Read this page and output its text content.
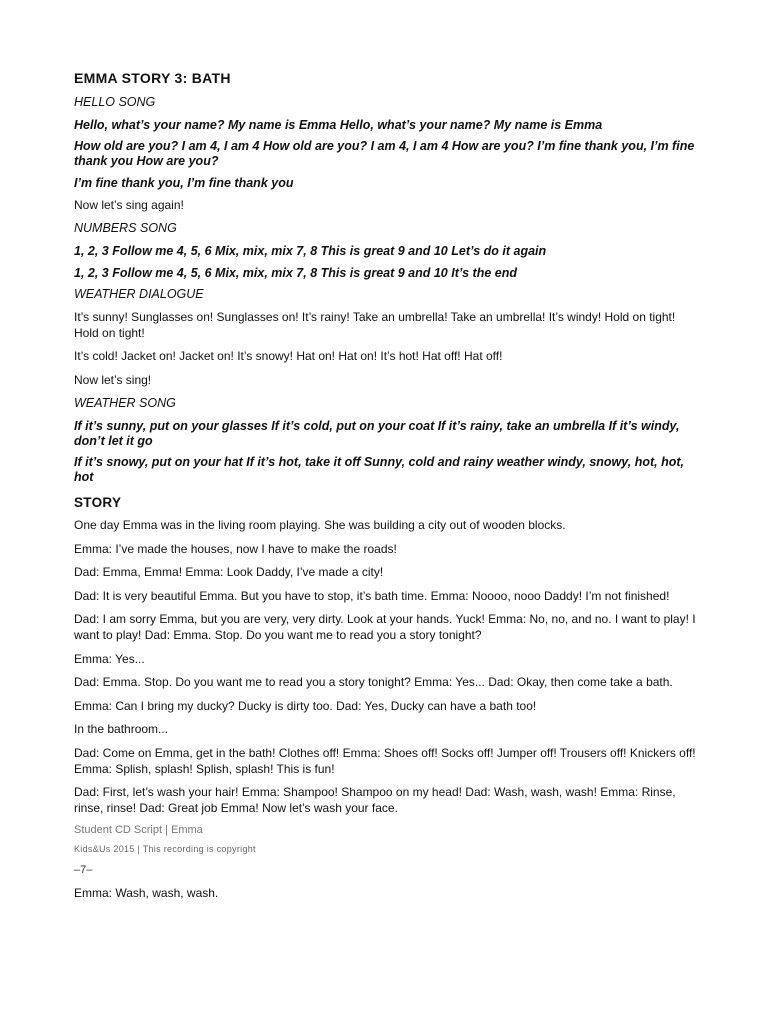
EMMA STORY 3: BATH
HELLO SONG
Hello, what’s your name? My name is Emma Hello, what’s your name? My name is Emma
How old are you? I am 4, I am 4 How old are you? I am 4, I am 4 How are you? I’m fine thank you, I’m fine thank you How are you?
I’m fine thank you, I’m fine thank you
Now let’s sing again!
NUMBERS SONG
1, 2, 3 Follow me 4, 5, 6 Mix, mix, mix 7, 8 This is great 9 and 10 Let’s do it again
1, 2, 3 Follow me 4, 5, 6 Mix, mix, mix 7, 8 This is great 9 and 10 It’s the end
WEATHER DIALOGUE
It’s sunny! Sunglasses on! Sunglasses on! It’s rainy! Take an umbrella! Take an umbrella! It’s windy! Hold on tight! Hold on tight!
It’s cold! Jacket on! Jacket on! It’s snowy! Hat on! Hat on! It’s hot! Hat off! Hat off!
Now let’s sing!
WEATHER SONG
If it’s sunny, put on your glasses If it’s cold, put on your coat If it’s rainy, take an umbrella If it’s windy, don’t let it go
If it’s snowy, put on your hat If it’s hot, take it off Sunny, cold and rainy weather windy, snowy, hot, hot, hot
STORY
One day Emma was in the living room playing. She was building a city out of wooden blocks.
Emma: I’ve made the houses, now I have to make the roads!
Dad: Emma, Emma! Emma: Look Daddy, I’ve made a city!
Dad: It is very beautiful Emma. But you have to stop, it’s bath time. Emma: Noooo, nooo Daddy! I’m not finished!
Dad: I am sorry Emma, but you are very, very dirty. Look at your hands. Yuck! Emma: No, no, and no. I want to play! I want to play! Dad: Emma. Stop. Do you want me to read you a story tonight?
Emma: Yes...
Dad: Emma. Stop. Do you want me to read you a story tonight? Emma: Yes... Dad: Okay, then come take a bath.
Emma: Can I bring my ducky? Ducky is dirty too. Dad: Yes, Ducky can have a bath too!
In the bathroom...
Dad: Come on Emma, get in the bath! Clothes off! Emma: Shoes off! Socks off! Jumper off! Trousers off! Knickers off! Emma: Splish, splash! Splish, splash! This is fun!
Dad: First, let’s wash your hair! Emma: Shampoo! Shampoo on my head! Dad: Wash, wash, wash! Emma: Rinse, rinse, rinse! Dad: Great job Emma! Now let’s wash your face.
Student CD Script | Emma
Kids&Us 2015 | This recording is copyright
–7–
Emma: Wash, wash, wash.
